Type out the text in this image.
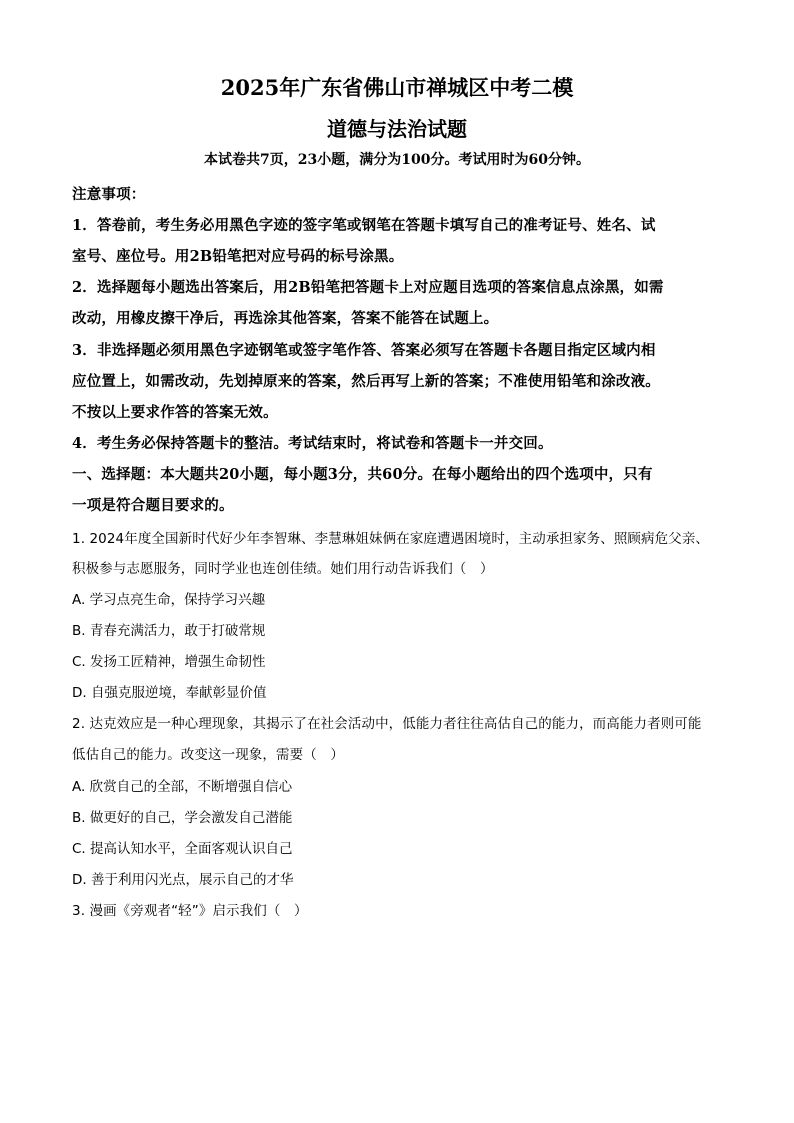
2025年广东省佛山市禅城区中考二模
道德与法治试题
本试卷共7页，23小题，满分为100分。考试用时为60分钟。
注意事项：
1．答卷前，考生务必用黑色字迹的签字笔或钢笔在答题卡填写自己的准考证号、姓名、试
室号、座位号。用2B铅笔把对应号码的标号涂黑。
2．选择题每小题选出答案后，用2B铅笔把答题卡上对应题目选项的答案信息点涂黑，如需
改动，用橡皮擦干净后，再选涂其他答案，答案不能答在试题上。
3．非选择题必须用黑色字迹钢笔或签字笔作答、答案必须写在答题卡各题目指定区域内相
应位置上，如需改动，先划掉原来的答案，然后再写上新的答案；不准使用铅笔和涂改液。
不按以上要求作答的答案无效。
4．考生务必保持答题卡的整洁。考试结束时，将试卷和答题卡一并交回。
一、选择题：本大题共20小题，每小题3分，共60分。在每小题给出的四个选项中，只有
一项是符合题目要求的。
1. 2024年度全国新时代好少年李智琳、李慧琳姐妹俩在家庭遭遇困境时，主动承担家务、照顾病危父亲、
积极参与志愿服务，同时学业也连创佳绩。她们用行动告诉我们（　）
A. 学习点亮生命，保持学习兴趣
B. 青春充满活力，敢于打破常规
C. 发扬工匠精神，增强生命韧性
D. 自强克服逆境，奉献彰显价值
2. 达克效应是一种心理现象，其揭示了在社会活动中，低能力者往往高估自己的能力，而高能力者则可能
低估自己的能力。改变这一现象，需要（　）
A. 欣赏自己的全部，不断增强自信心
B. 做更好的自己，学会激发自己潜能
C. 提高认知水平，全面客观认识自己
D. 善于利用闪光点，展示自己的才华
3. 漫画《旁观者“轻”》启示我们（　）
